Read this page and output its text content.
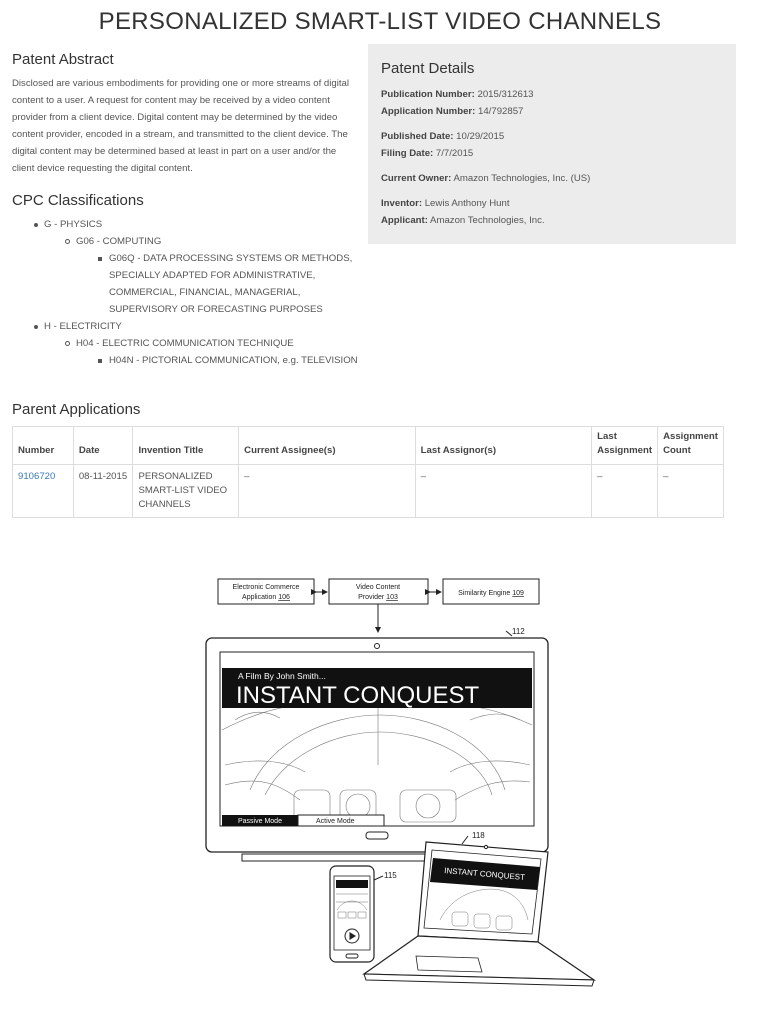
PERSONALIZED SMART-LIST VIDEO CHANNELS
Patent Abstract

Disclosed are various embodiments for providing one or more streams of digital content to a user. A request for content may be received by a video content provider from a client device. Digital content may be determined by the video content provider, encoded in a stream, and transmitted to the client device. The digital content may be determined based at least in part on a user and/or the client device requesting the digital content.

Patent Details
Publication Number: 2015/312613
Application Number: 14/792857
Published Date: 10/29/2015
Filing Date: 7/7/2015
Current Owner: Amazon Technologies, Inc. (US)
Inventor: Lewis Anthony Hunt
Applicant: Amazon Technologies, Inc.
CPC Classifications
G - PHYSICS
G06 - COMPUTING
G06Q - DATA PROCESSING SYSTEMS OR METHODS, SPECIALLY ADAPTED FOR ADMINISTRATIVE, COMMERCIAL, FINANCIAL, MANAGERIAL, SUPERVISORY OR FORECASTING PURPOSES
H - ELECTRICITY
H04 - ELECTRIC COMMUNICATION TECHNIQUE
H04N - PICTORIAL COMMUNICATION, e.g. TELEVISION
Parent Applications
Number	Date	Invention Title	Current Assignee(s)	Last Assignor(s)	Last Assignment	Assignment Count
9106720	08-11-2015	PERSONALIZED SMART-LIST VIDEO CHANNELS	–	–	–	–
Electronic Commerce
Application 106
Video Content
Provider 103
Similarity Engine 109
112
A Film By John Smith...
INSTANT CONQUEST
Passive Mode	Active Mode
INSTANT CONQUEST
118
115
